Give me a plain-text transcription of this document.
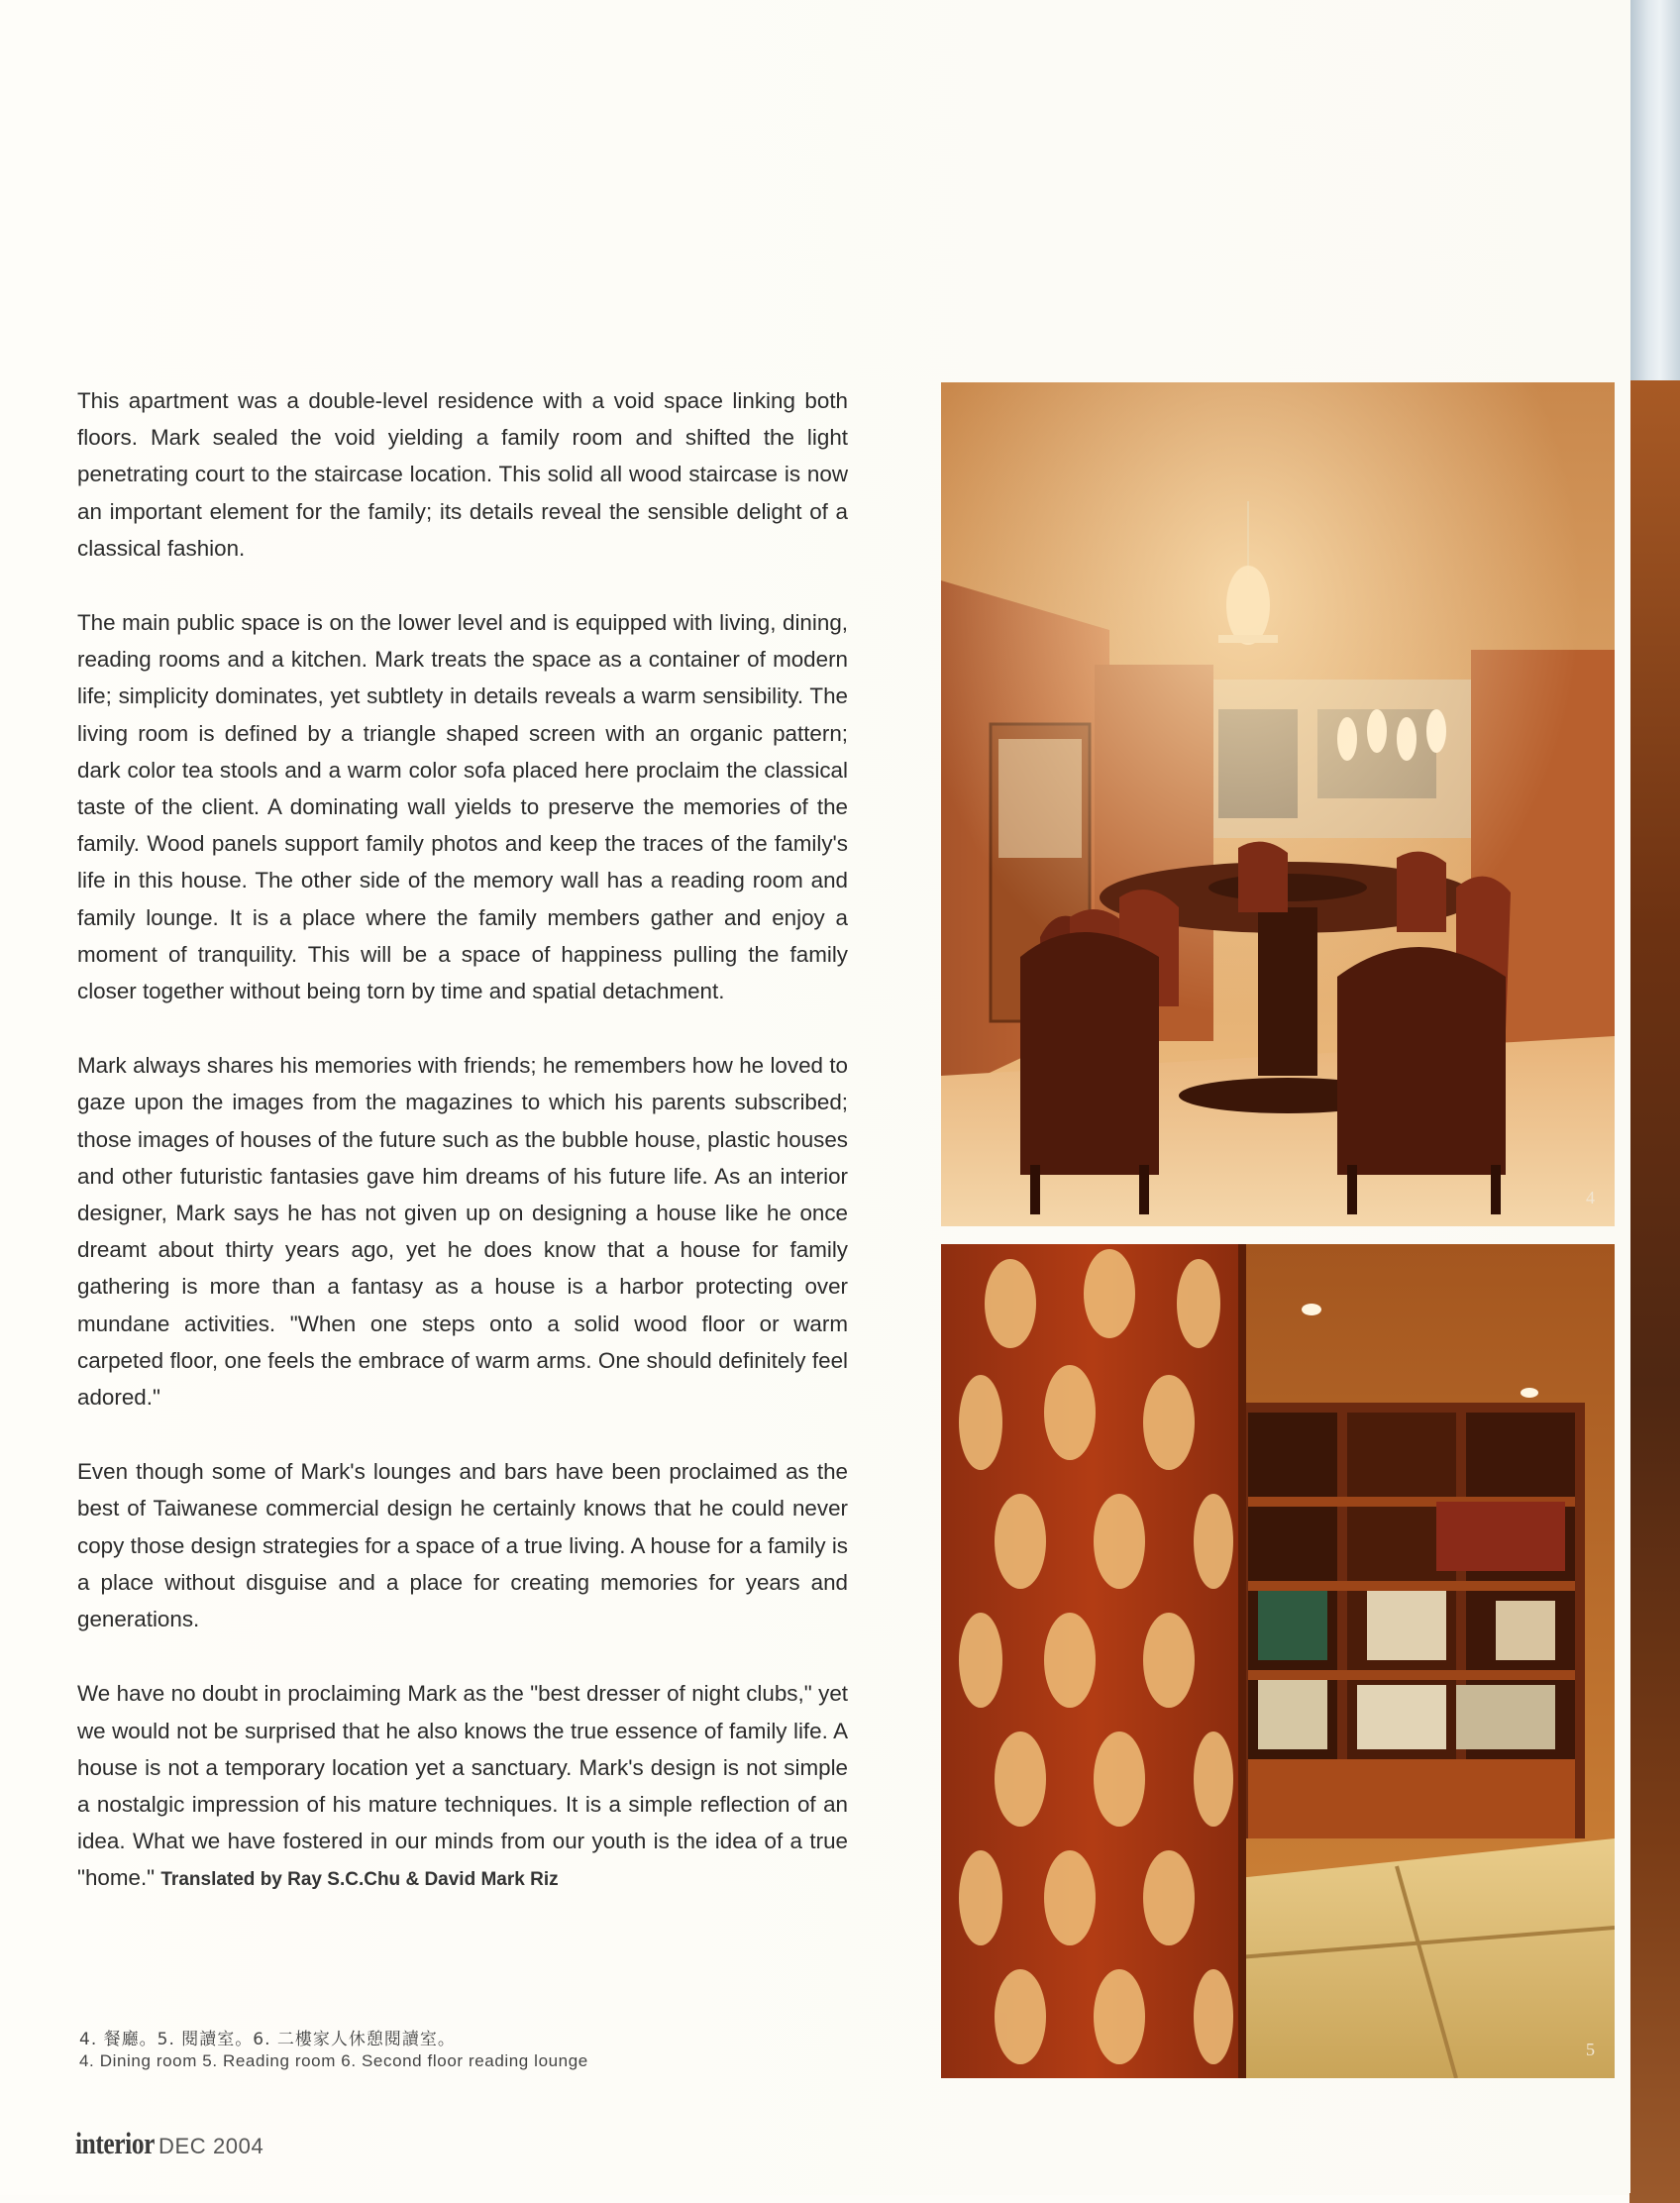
This apartment was a double-level residence with a void space linking both floors. Mark sealed the void yielding a family room and shifted the light penetrating court to the staircase location. This solid all wood staircase is now an important element for the family; its details reveal the sensible delight of a classical fashion.

The main public space is on the lower level and is equipped with living, dining, reading rooms and a kitchen. Mark treats the space as a container of modern life; simplicity dominates, yet subtlety in details reveals a warm sensibility. The living room is defined by a triangle shaped screen with an organic pattern; dark color tea stools and a warm color sofa placed here proclaim the classical taste of the client. A dominating wall yields to preserve the memories of the family. Wood panels support family photos and keep the traces of the family's life in this house. The other side of the memory wall has a reading room and family lounge. It is a place where the family members gather and enjoy a moment of tranquility. This will be a space of happiness pulling the family closer together without being torn by time and spatial detachment.

Mark always shares his memories with friends; he remembers how he loved to gaze upon the images from the magazines to which his parents subscribed; those images of houses of the future such as the bubble house, plastic houses and other futuristic fantasies gave him dreams of his future life. As an interior designer, Mark says he has not given up on designing a house like he once dreamt about thirty years ago, yet he does know that a house for family gathering is more than a fantasy as a house is a harbor protecting over mundane activities. "When one steps onto a solid wood floor or warm carpeted floor, one feels the embrace of warm arms. One should definitely feel adored."

Even though some of Mark's lounges and bars have been proclaimed as the best of Taiwanese commercial design he certainly knows that he could never copy those design strategies for a space of a true living. A house for a family is a place without disguise and a place for creating memories for years and generations.

We have no doubt in proclaiming Mark as the "best dresser of night clubs," yet we would not be surprised that he also knows the true essence of family life. A house is not a temporary location yet a sanctuary. Mark's design is not simple a nostalgic impression of his mature techniques. It is a simple reflection of an idea. What we have fostered in our minds from our youth is the idea of a true "home." Translated by Ray S.C.Chu & David Mark Riz

4
5
4. 餐廳。5. 閱讀室。6. 二樓家人休憩閱讀室。
4. Dining room 5. Reading room 6. Second floor reading lounge
interior DEC 2004
